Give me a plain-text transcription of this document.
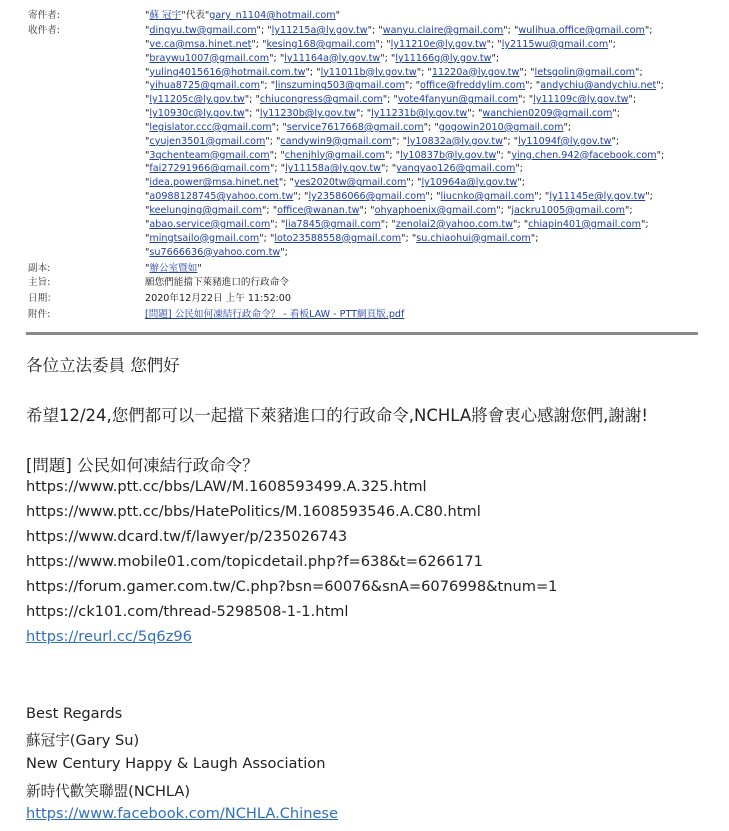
寄件者:	"蘇 冠宇"代表"gary_n1104@hotmail.com"
收件者:	"dingyu.tw@gmail.com"; "ly11215a@ly.gov.tw"; "wanyu.claire@gmail.com"; "wulihua.office@gmail.com";
"ve.ca@msa.hinet.net"; "kesing168@gmail.com"; "ly11210e@ly.gov.tw"; "ly2115wu@gmail.com";
"braywu1007@gmail.com"; "ly11164a@ly.gov.tw"; "ly11166g@ly.gov.tw";
"yuling4015616@hotmail.com.tw"; "ly11011b@ly.gov.tw"; "11220a@ly.gov.tw"; "letsgolin@gmail.com";
"yihua8725@gmail.com"; "linszuming503@gmail.com"; "office@freddylim.com"; "andychiu@andychiu.net";
"ly11205c@ly.gov.tw"; "chiucongress@gmail.com"; "vote4fanyun@gmail.com"; "ly11109c@ly.gov.tw";
"ly10930c@ly.gov.tw"; "ly11230b@ly.gov.tw"; "ly11231b@ly.gov.tw"; "wanchien0209@gmail.com";
"legislator.ccc@gmail.com"; "service7617668@gmail.com"; "gogowin2010@gmail.com";
"cyujen3501@gmail.com"; "candywin9@gmail.com"; "ly10832a@ly.gov.tw"; "ly11094f@ly.gov.tw";
"3qchenteam@gmail.com"; "chenjhly@gmail.com"; "ly10837b@ly.gov.tw"; "ying.chen.942@facebook.com";
"fai27291966@gmail.com"; "ly11158a@ly.gov.tw"; "yangyao126@gmail.com";
"idea.power@msa.hinet.net"; "yes2020tw@gmail.com"; "ly10964a@ly.gov.tw";
"a0988128745@yahoo.com.tw"; "ly23586066@gmail.com"; "liucnko@gmail.com"; "ly11145e@ly.gov.tw";
"keelunging@gmail.com"; "office@wanan.tw"; "ohyaphoenix@gmail.com"; "jackru1005@gmail.com";
"abao.service@gmail.com"; "lia7845@gmail.com"; "zenolai2@yahoo.com.tw"; "chiapin401@gmail.com";
"mingtsailo@gmail.com"; "loto23588558@gmail.com"; "su.chiaohui@gmail.com";
"su7666636@yahoo.com.tw";
副本:	"辦公室暨如"
主旨:	願您們能擋下萊豬進口的行政命令
日期：	2020年12月22日 上午 11:52:00
附件:	[問題] 公民如何凍結行政命令？ - 看板LAW - PTT網頁版.pdf
各位立法委員 您們好
希望12/24,您們都可以一起擋下萊豬進口的行政命令,NCHLA將會衷心感謝您們,謝謝!
[問題] 公民如何凍結行政命令？
https://www.ptt.cc/bbs/LAW/M.1608593499.A.325.html
https://www.ptt.cc/bbs/HatePolitics/M.1608593546.A.C80.html
https://www.dcard.tw/f/lawyer/p/235026743
https://www.mobile01.com/topicdetail.php?f=638&t=6266171
https://forum.gamer.com.tw/C.php?bsn=60076&snA=6076998&tnum=1
https://ck101.com/thread-5298508-1-1.html
https://reurl.cc/5q6z96
Best Regards
蘇冠宇(Gary Su)
New Century Happy & Laugh Association
新時代歡笑聯盟(NCHLA)
https://www.facebook.com/NCHLA.Chinese
